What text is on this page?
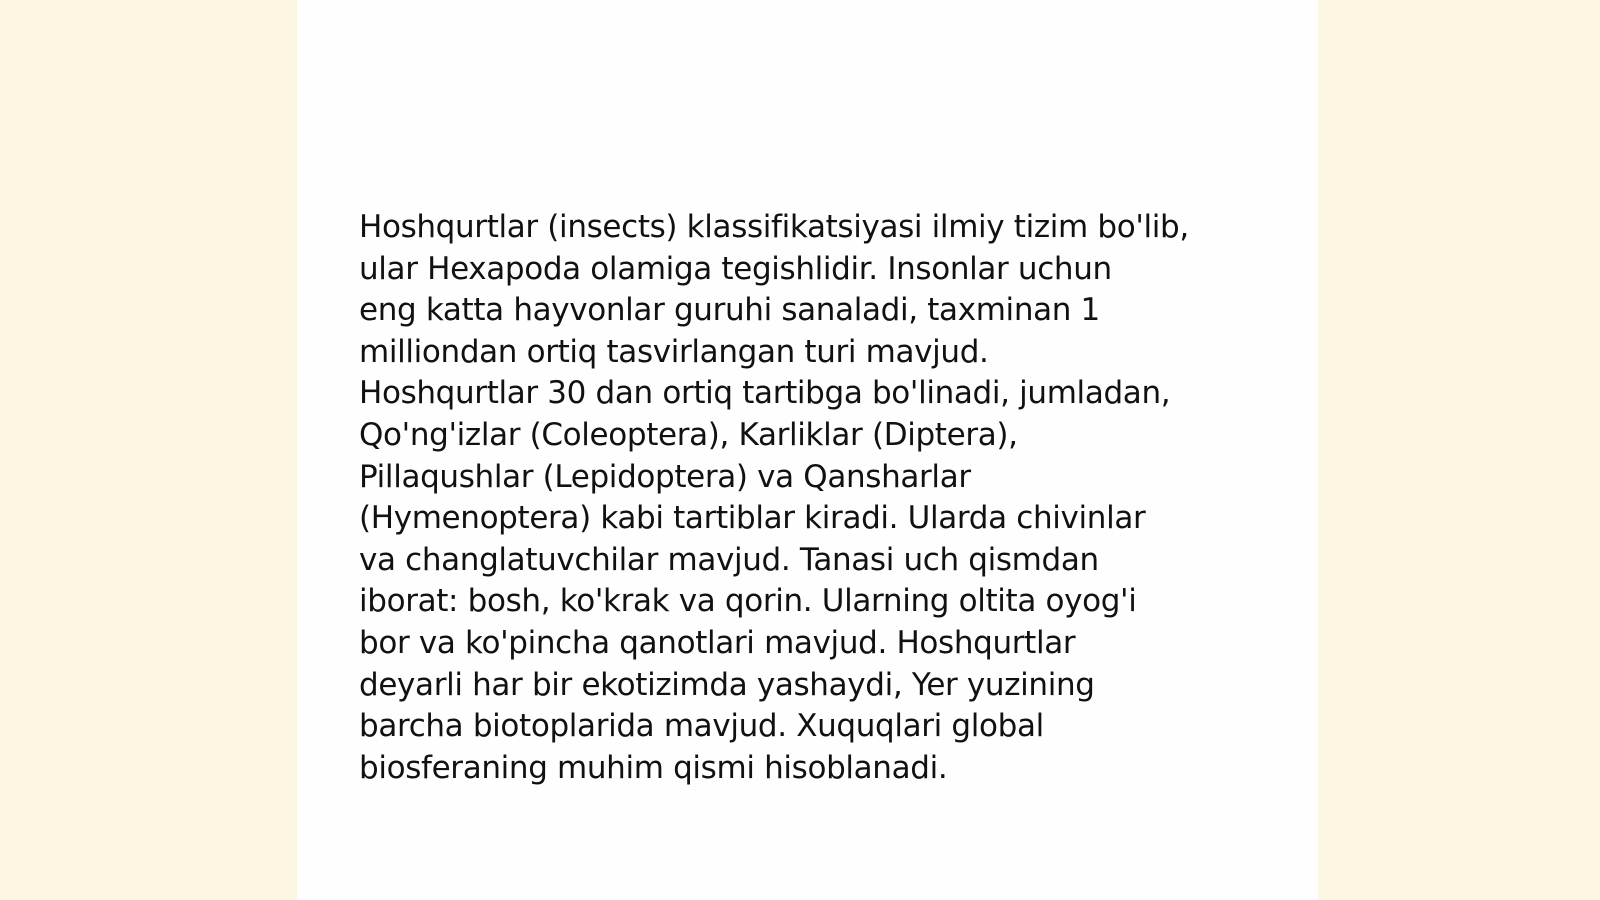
Hoshqurtlar (insects) klassifikatsiyasi ilmiy tizim bo'lib,
ular Hexapoda olamiga tegishlidir. Insonlar uchun
eng katta hayvonlar guruhi sanaladi, taxminan 1
milliondan ortiq tasvirlangan turi mavjud.
Hoshqurtlar 30 dan ortiq tartibga bo'linadi, jumladan,
Qo'ng'izlar (Coleoptera), Karliklar (Diptera),
Pillaqushlar (Lepidoptera) va Qansharlar
(Hymenoptera) kabi tartiblar kiradi. Ularda chivinlar
va changlatuvchilar mavjud. Tanasi uch qismdan
iborat: bosh, ko'krak va qorin. Ularning oltita oyog'i
bor va ko'pincha qanotlari mavjud. Hoshqurtlar
deyarli har bir ekotizimda yashaydi, Yer yuzining
barcha biotoplarida mavjud. Xuquqlari global
biosferaning muhim qismi hisoblanadi.
